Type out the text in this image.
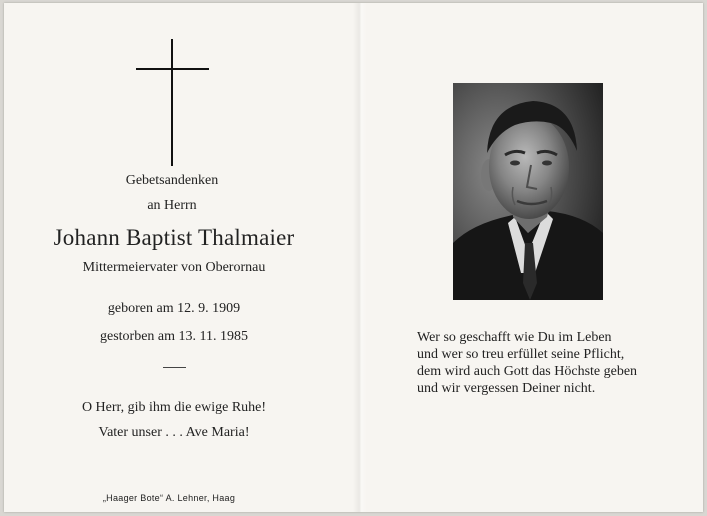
Gebetsandenken
an Herrn
Johann Baptist Thalmaier
Mittermeiervater von Oberornau
geboren am 12. 9. 1909
gestorben am 13. 11. 1985
O Herr, gib ihm die ewige Ruhe!
Vater unser . . . Ave Maria!
„Haager Bote“ A. Lehner, Haag
Wer so geschafft wie Du im Leben
und wer so treu erfüllet seine Pflicht,
dem wird auch Gott das Höchste geben
und wir vergessen Deiner nicht.
